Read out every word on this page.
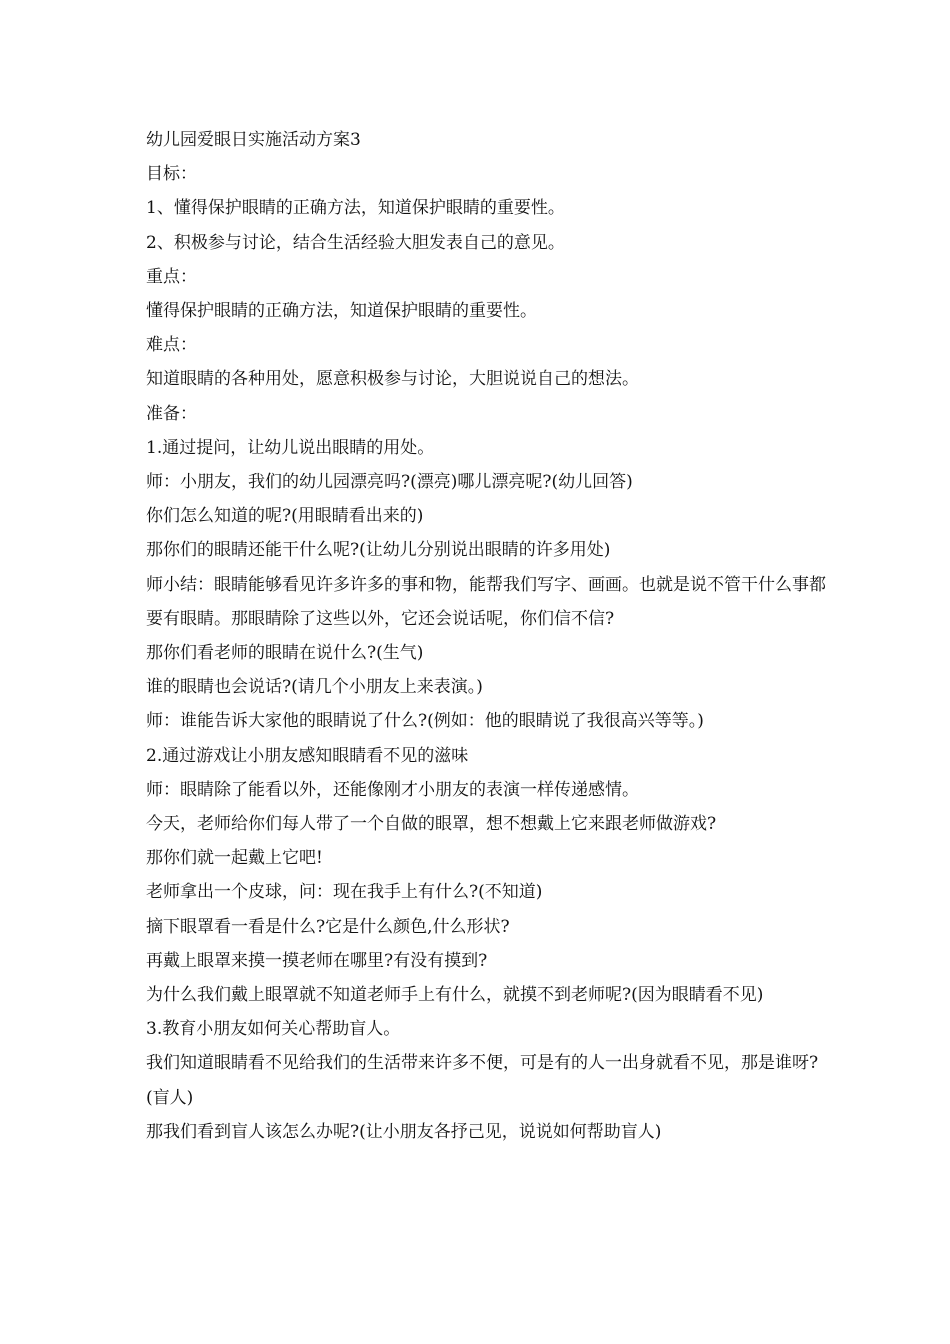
幼儿园爱眼日实施活动方案3

目标：

1、懂得保护眼睛的正确方法，知道保护眼睛的重要性。

2、积极参与讨论，结合生活经验大胆发表自己的意见。

重点：

懂得保护眼睛的正确方法，知道保护眼睛的重要性。

难点：

知道眼睛的各种用处，愿意积极参与讨论，大胆说说自己的想法。

准备：

1.通过提问，让幼儿说出眼睛的用处。

师：小朋友，我们的幼儿园漂亮吗?(漂亮)哪儿漂亮呢?(幼儿回答)

你们怎么知道的呢?(用眼睛看出来的)

那你们的眼睛还能干什么呢?(让幼儿分别说出眼睛的许多用处)

师小结：眼睛能够看见许多许多的事和物，能帮我们写字、画画。也就是说不管干什么事都要有眼睛。那眼睛除了这些以外，它还会说话呢，你们信不信?

那你们看老师的眼睛在说什么?(生气)

谁的眼睛也会说话?(请几个小朋友上来表演。)

师：谁能告诉大家他的眼睛说了什么?(例如：他的眼睛说了我很高兴等等。)

2.通过游戏让小朋友感知眼睛看不见的滋味

师：眼睛除了能看以外，还能像刚才小朋友的表演一样传递感情。

今天，老师给你们每人带了一个自做的眼罩，想不想戴上它来跟老师做游戏?

那你们就一起戴上它吧!

老师拿出一个皮球，问：现在我手上有什么?(不知道)

摘下眼罩看一看是什么?它是什么颜色,什么形状?

再戴上眼罩来摸一摸老师在哪里?有没有摸到?

为什么我们戴上眼罩就不知道老师手上有什么，就摸不到老师呢?(因为眼睛看不见)

3.教育小朋友如何关心帮助盲人。

我们知道眼睛看不见给我们的生活带来许多不便，可是有的人一出身就看不见，那是谁呀?(盲人)

那我们看到盲人该怎么办呢?(让小朋友各抒己见，说说如何帮助盲人)
